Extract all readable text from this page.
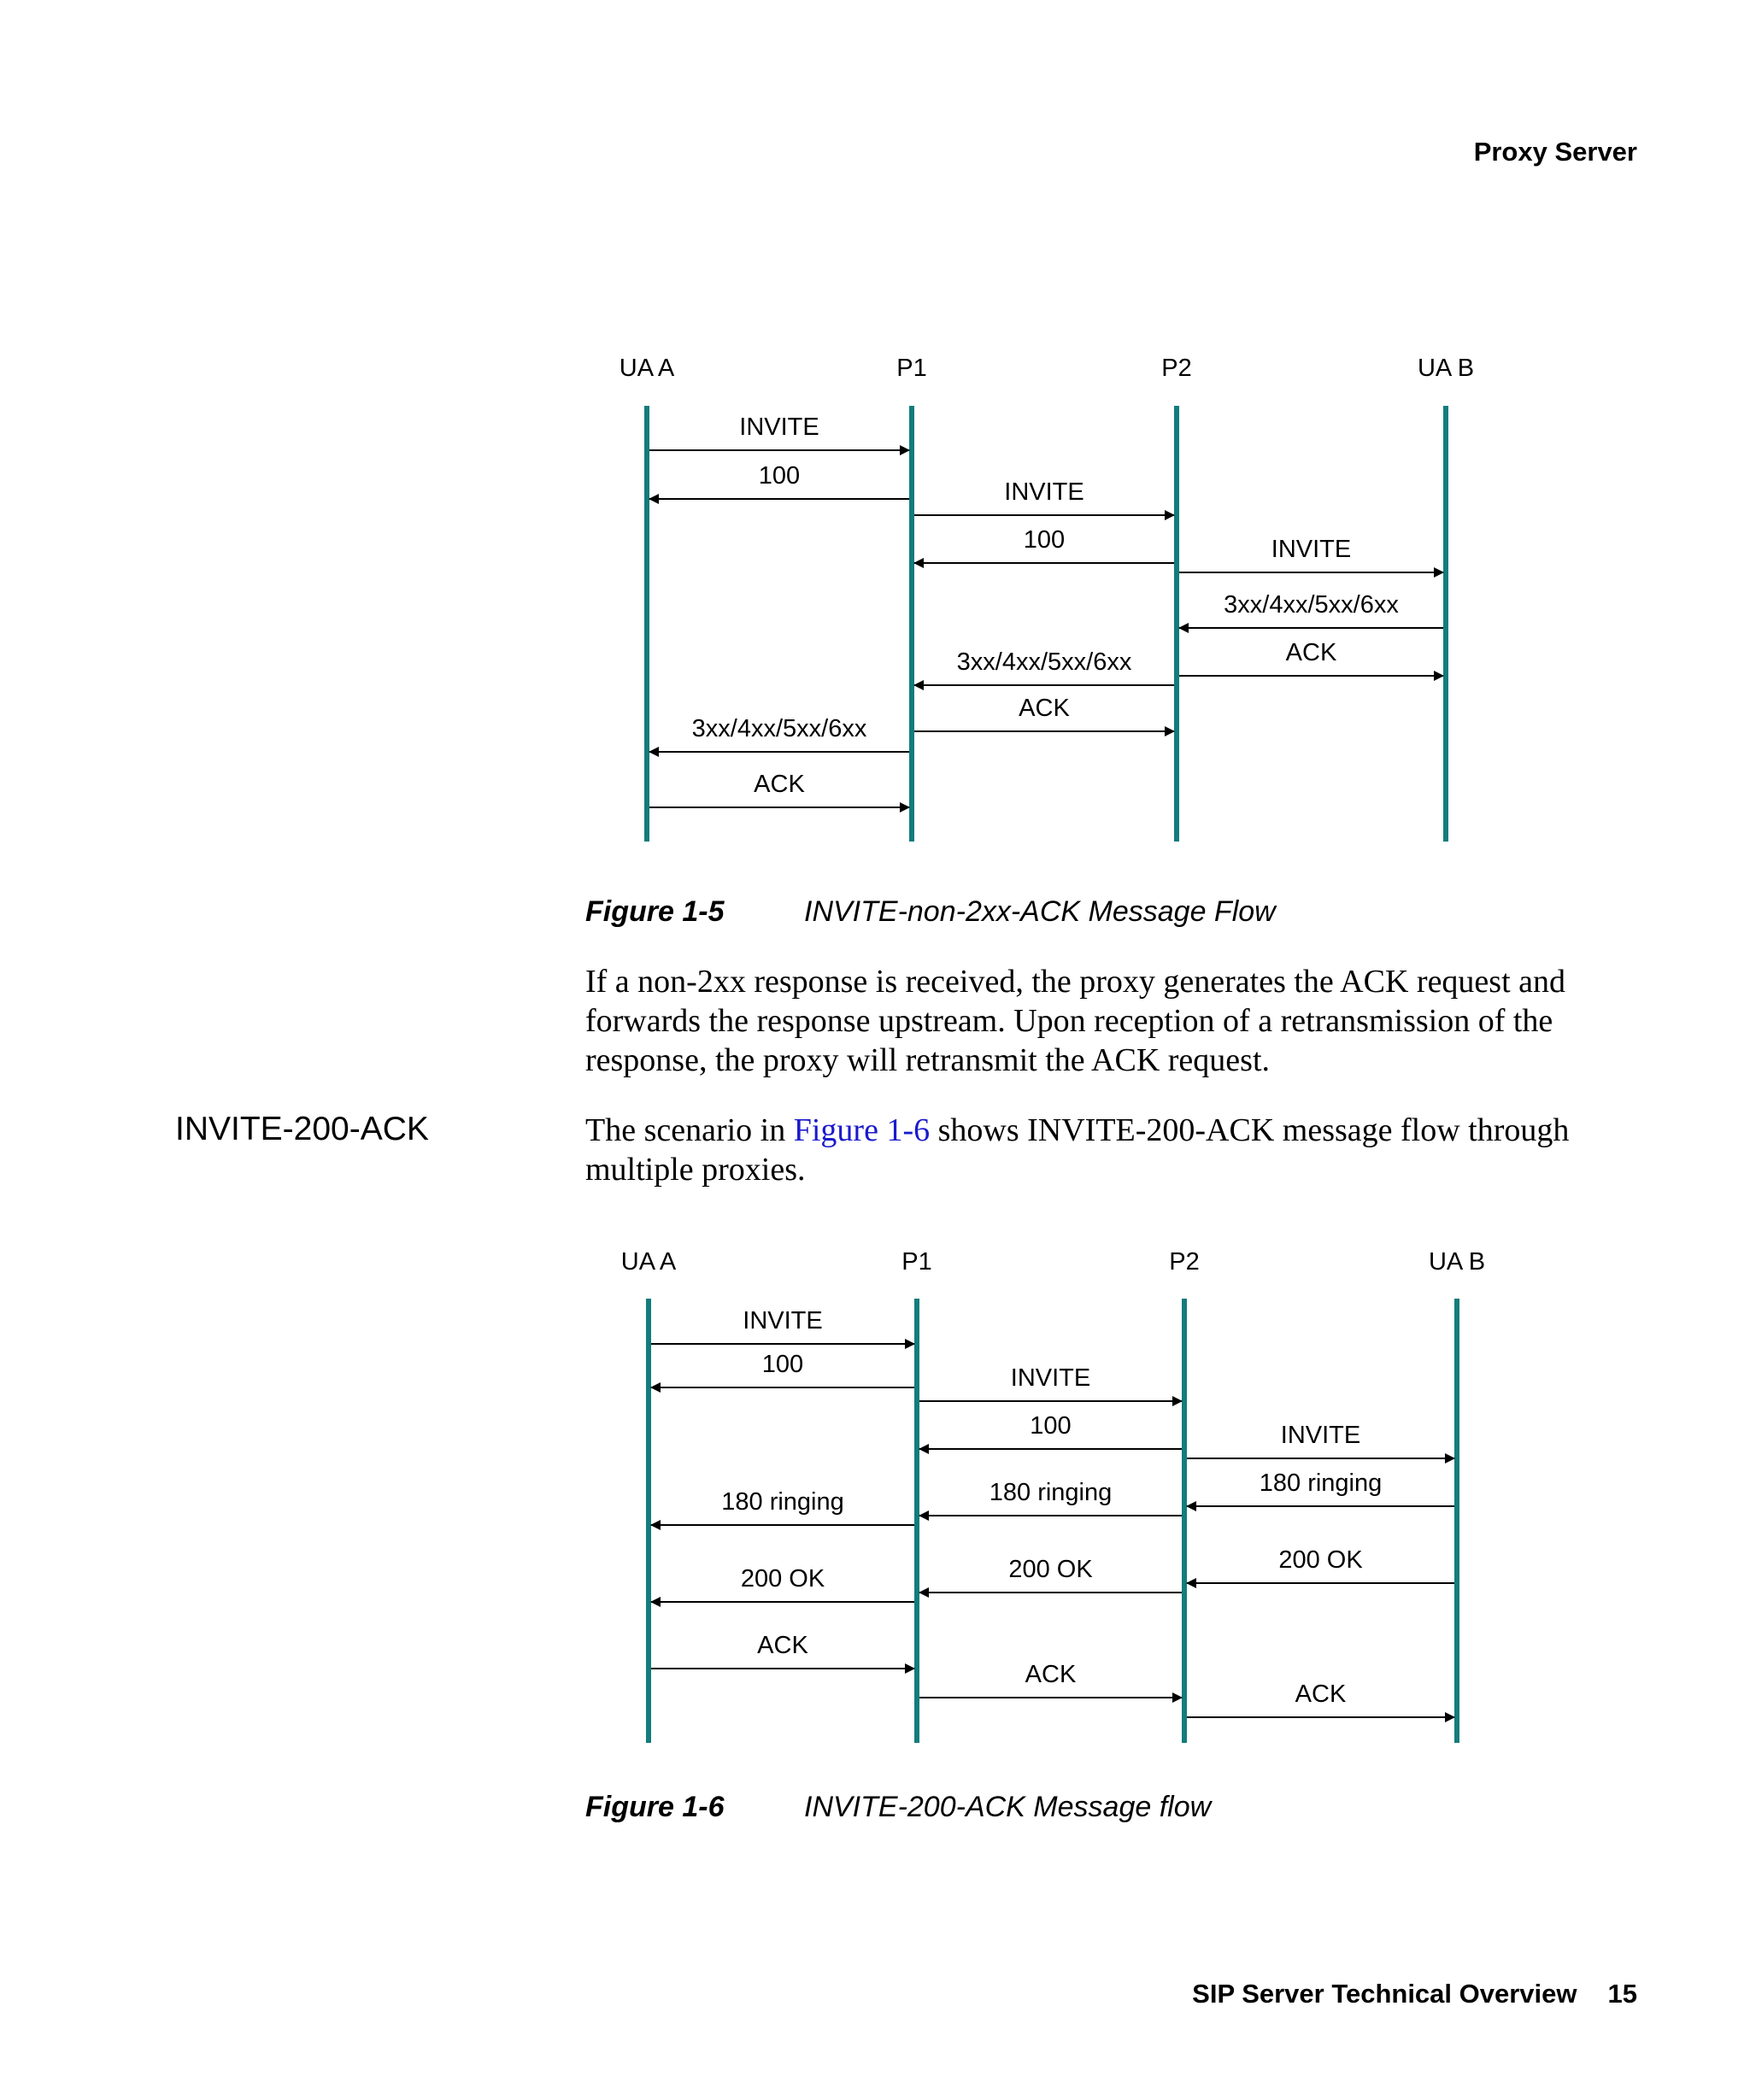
Proxy Server
UA A	P1	P2	UA B
INVITE
100
INVITE
100	INVITE
3xx/4xx/5xx/6xx
ACK
3xx/4xx/5xx/6xx
ACK
3xx/4xx/5xx/6xx
ACK
UA A	P1	P2	UA B
INVITE
100	INVITE
100	INVITE
180 ringing
180 ringing
180 ringing
200 OK
200 OK
200 OK
ACK
ACK
ACK
Figure 1-5	INVITE-non-2xx-ACK Message Flow
If a non-2xx response is received, the proxy generates the ACK request and forwards the response upstream. Upon reception of a retransmission of the response, the proxy will retransmit the ACK request.
INVITE-200-ACK	The scenario in Figure 1-6 shows INVITE-200-ACK message flow through multiple proxies.
Figure 1-6	INVITE-200-ACK Message flow
SIP Server Technical Overview 15
